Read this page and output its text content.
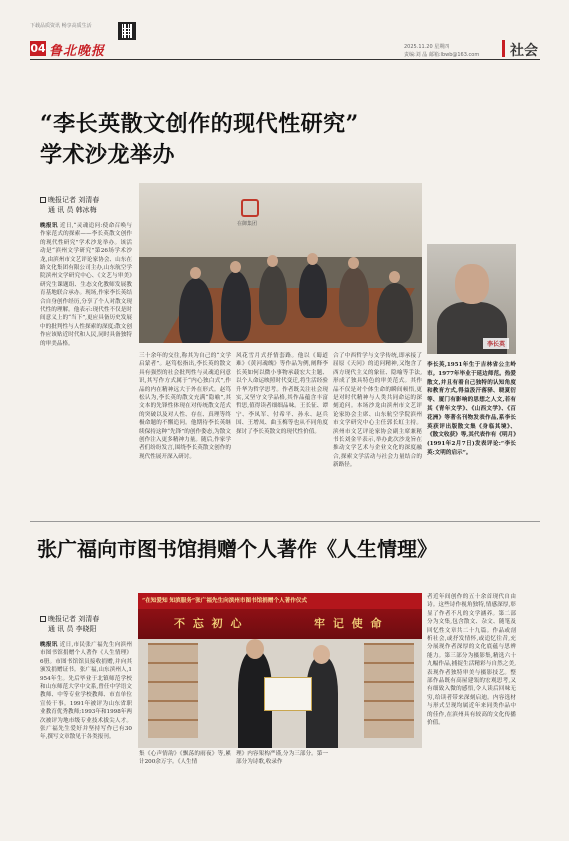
下载品质资讯 畅享高质生活
04 鲁北晚报	2025.11.20 星期四
责编:刘 晶 邮箱:lbwb@163.com 社会
“李长英散文创作的现代性研究”
学术沙龙举办
晚报记者 刘清春
通 讯 员 韩冰梅
晚报讯 近日,“灵魂追问:使命召唤与作家范式的探索——李长英散文创作的现代性研究”学术沙龙举办。该活动是“滨州文学研究”第26场学术沙龙,由滨州市文艺评论家协会、山东在路文化集团有限公司主办,山东航空学院滨州文学研究中心、《文艺与审美》研究生课题组、生态文化教师发展教育基地联合承办。现场,作家李长英结合自身创作经历,分享了个人对散文现代性的理解。他表示:现代性不仅是时间意义上的“当下”,更应具备历史发展中的批判性与人性探索的深度;散文创作应该贴近时代和人民,同时具备独特的审美品格。
在御集团
三十余年的交往,称其为自己的“文学启蒙者”。赵笃松指出,李长英的散文具有强烈的社会批判性与灵魂追问意识,其写作方式属于“内心独白式”,作品的内在精神远大于外在形式。赵笃松认为,李长英的散文充满“隐喻”,其文本的先锋性体现在对传统散文范式的突破以及对人性、存在、真理等终极命题的不懈追问。他期待李长英继续保持这种“先锋”的创作姿态,为散文创作注入更多精神力量。随后,作家学者们纷纷发言,围绕李长英散文创作的现代性展开深入研讨。
风花雪月式抒情套路。他以《蜀道难》《黄河魂魄》等作品为例,阐释李长英如何以微小事物承载宏大主题、以个人命运映照时代变迁,将生活经验升华为哲学思考。作者既关注社会现实,又坚守文学品格,其作品蕴含丰富哲思,值得读者细细品味。王长征、谭宁、李凤军、付希平、孙永、赵兵国、王增凤、曲玉梅等也从不同角度探讨了李长英散文的现代性价值。
合了中西哲学与文学传统,即承接了屈原《天问》的追问精神,又饱含了西方现代主义的象征、隐喻等手法,形成了独具特色的审美范式。其作品不仅是对个体生命的瞬间顿悟,更是对时代精神与人类共同命运的深刻追问。本场沙龙由滨州市文艺评论家协会主席、山东航空学院滨州市文学研究中心主任郭长虹主持。滨州市文艺评论家协会副主席兼秘书长刘金平表示,举办此次沙龙旨在推动文学艺术与企业文化的深度融合,探索文学活动与社会力量结合的新路径。
李长英
李长英,1951年生于吉林省公主岭市。1977年毕业于延边师范。热爱散文,并且有着自己独特的认知角度和教育方式,得益汲汗落驿、晓夏衍等、厦门有影响的思想之人文,若有其《青年文学》、《山西文学》、《百花洲》等著名刊物发表作品,系李长英获评出版散文集《身临其境》、《散文收获》等,其代表作有《明月》(1991年2月7日)发表评论:“李长英:文明的启示”。
张广福向市图书馆捐赠个人著作《人生情理》
晚报记者 刘清春
通 讯 员 李晓阳
晚报讯 近日,市民张广福先生向滨州市图书馆捐赠个人著作《人生情理》6册。市图书馆馆员接收捐赠,并向其颁发捐赠证书。张广福,山东滨州人,1954年生。先后毕业于北镇师范学校和山东师范大学中文系,曾任中学语文教师、中等专业学校教师、市直单位宣传干事。1991年被评为山东省职业教育优秀教师;1993年和1998年两次被评为地市级专业技术拔尖人才。张广福先生爱好并坚持写作已有30年,撰写文章散见于各类报刊。
“在知爱知 知滨服务”张广福先生向滨州市图书馆捐赠个人著作仪式
不 忘 初 心	牢 记 使 命
集《心声情韵》《飘荡的雨夜》等,累计200余万字。《人生情
理》内容架构严谨,分为三部分。第一部分为诗歌,收录作
者近年间创作的五十余首现代自由诗。这些诗作视角独特,情感深厚,彰显了作者不凡的文学涵养。第二部分为文集,包含散文、杂文、随笔及回忆性文章共二十九篇。作品或剖析社会,或抒发情怀,或追忆往昔,充分展现作者深厚的文化底蕴与思辨能力。第三部分为摄影集,精选六十九幅作品,捕捉生活精彩与自然之美,表现作者独特审美与摄影技艺。整部作品既有高屋建瓴的宏观思考,又有细致入微的感悟,令人读后回味无穷,给读者带来深刻启迪。内容选材与形式呈现均属近年来同类作品中的佳作,在滨州具有较高的文化传播价值。
